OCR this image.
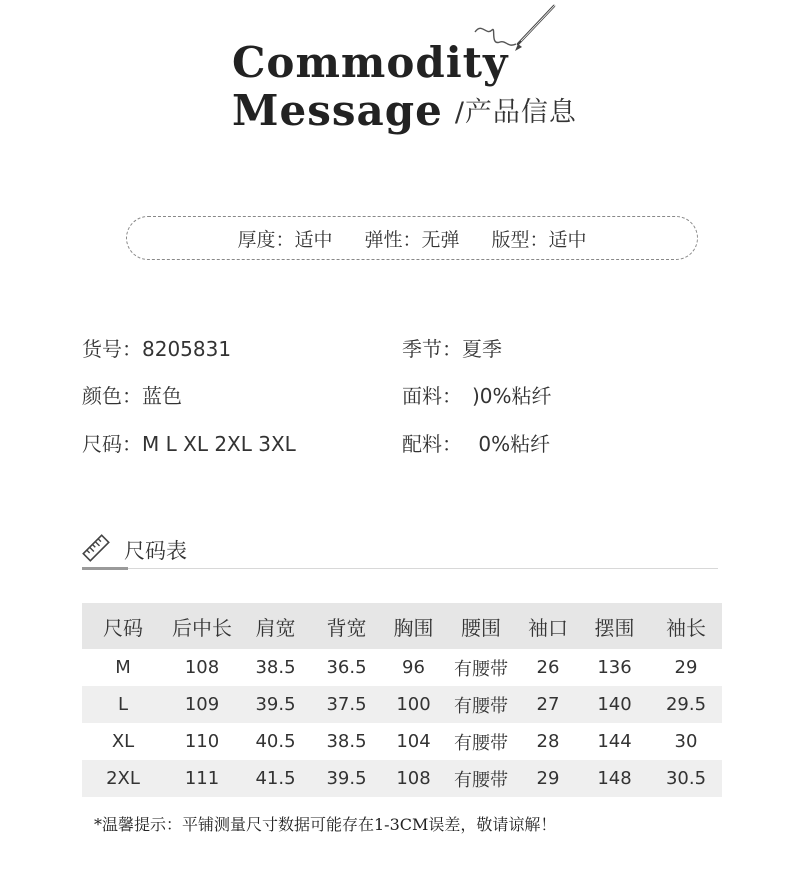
Commodity
Message /产品信息
厚度：适中 弹性：无弹 版型：适中
货号：8205831
颜色：蓝色
尺码：M L XL 2XL 3XL
季节：夏季
面料：　)0%粘纤
配料：　 0%粘纤
尺码表
尺码	后中长	肩宽	背宽	胸围	腰围	袖口	摆围	袖长
M	108	38.5	36.5	96	有腰带	26	136	29
L	109	39.5	37.5	100	有腰带	27	140	29.5
XL	110	40.5	38.5	104	有腰带	28	144	30
2XL	111	41.5	39.5	108	有腰带	29	148	30.5
*温馨提示：平铺测量尺寸数据可能存在1-3CM误差，敬请谅解！
